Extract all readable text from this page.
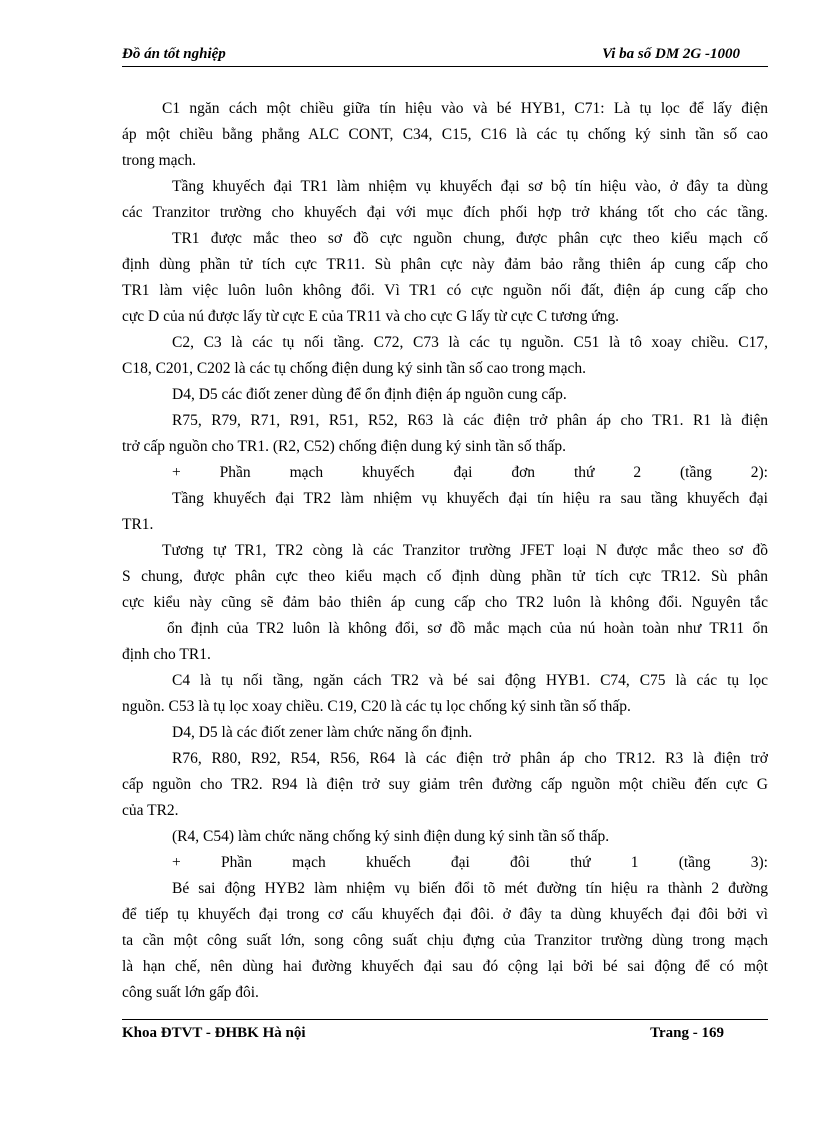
Đồ án tốt nghiệp	Vi ba số DM 2G -1000
C1 ngăn cách một chiều giữa tín hiệu vào và bé HYB1, C71: Là tụ lọc để lấy điện
áp một chiều bằng phẳng ALC CONT, C34, C15, C16 là các tụ chống ký sinh tần số cao
trong mạch.
Tầng khuyếch đại TR1 làm nhiệm vụ khuyếch đại sơ bộ tín hiệu vào, ở đây ta dùng
các Tranzitor trường cho khuyếch đại với mục đích phối hợp trở kháng tốt cho các tầng.
TR1 được mắc theo sơ đồ cực nguồn chung, được phân cực theo kiểu mạch cố
định dùng phần tử tích cực TR11. Sù phân cực này đảm bảo rằng thiên áp cung cấp cho
TR1 làm việc luôn luôn không đổi. Vì TR1 có cực nguồn nối đất, điện áp cung cấp cho
cực D của nú được lấy từ cực E của TR11 và cho cực G lấy từ cực C tương ứng.
C2, C3 là các tụ nối tầng. C72, C73 là các tụ nguồn. C51 là tô xoay chiều. C17,
C18, C201, C202 là các tụ chống điện dung ký sinh tần số cao trong mạch.
D4, D5 các điốt zener dùng để ổn định điện áp nguồn cung cấp.
R75, R79, R71, R91, R51, R52, R63 là các điện trở phân áp cho TR1. R1 là điện
trở cấp nguồn cho TR1. (R2, C52) chống điện dung ký sinh tần số thấp.
+ Phần mạch khuyếch đại đơn thứ 2 (tầng 2):
Tầng khuyếch đại TR2 làm nhiệm vụ khuyếch đại tín hiệu ra sau tầng khuyếch đại
TR1.
Tương tự TR1, TR2 còng là các Tranzitor trường JFET loại N được mắc theo sơ đồ
S chung, được phân cực theo kiểu mạch cố định dùng phần tử tích cực TR12. Sù phân
cực kiểu này cũng sẽ đảm bảo thiên áp cung cấp cho TR2 luôn là không đổi. Nguyên tắc
ổn định của TR2 luôn là không đổi, sơ đồ mắc mạch của nú hoàn toàn như TR11 ổn
định cho TR1.
C4 là tụ nối tầng, ngăn cách TR2 và bé sai động HYB1. C74, C75 là các tụ lọc
nguồn. C53 là tụ lọc xoay chiều. C19, C20 là các tụ lọc chống ký sinh tần số thấp.
D4, D5 là các điốt zener làm chức năng ổn định.
R76, R80, R92, R54, R56, R64 là các điện trở phân áp cho TR12. R3 là điện trở
cấp nguồn cho TR2. R94 là điện trở suy giảm trên đường cấp nguồn một chiều đến cực G
của TR2.
(R4, C54) làm chức năng chống ký sinh điện dung ký sinh tần số thấp.
+ Phần mạch khuếch đại đôi thứ 1 (tầng 3):
Bé sai động HYB2 làm nhiệm vụ biến đổi tõ mét đường tín hiệu ra thành 2 đường
để tiếp tụ khuyếch đại trong cơ cấu khuyếch đại đôi. ở đây ta dùng khuyếch đại đôi bởi vì
ta cần một công suất lớn, song công suất chịu đựng của Tranzitor trường dùng trong mạch
là hạn chế, nên dùng hai đường khuyếch đại sau đó cộng lại bởi bé sai động để có một
công suất lớn gấp đôi.
Khoa ĐTVT - ĐHBK Hà nội	Trang - 169
